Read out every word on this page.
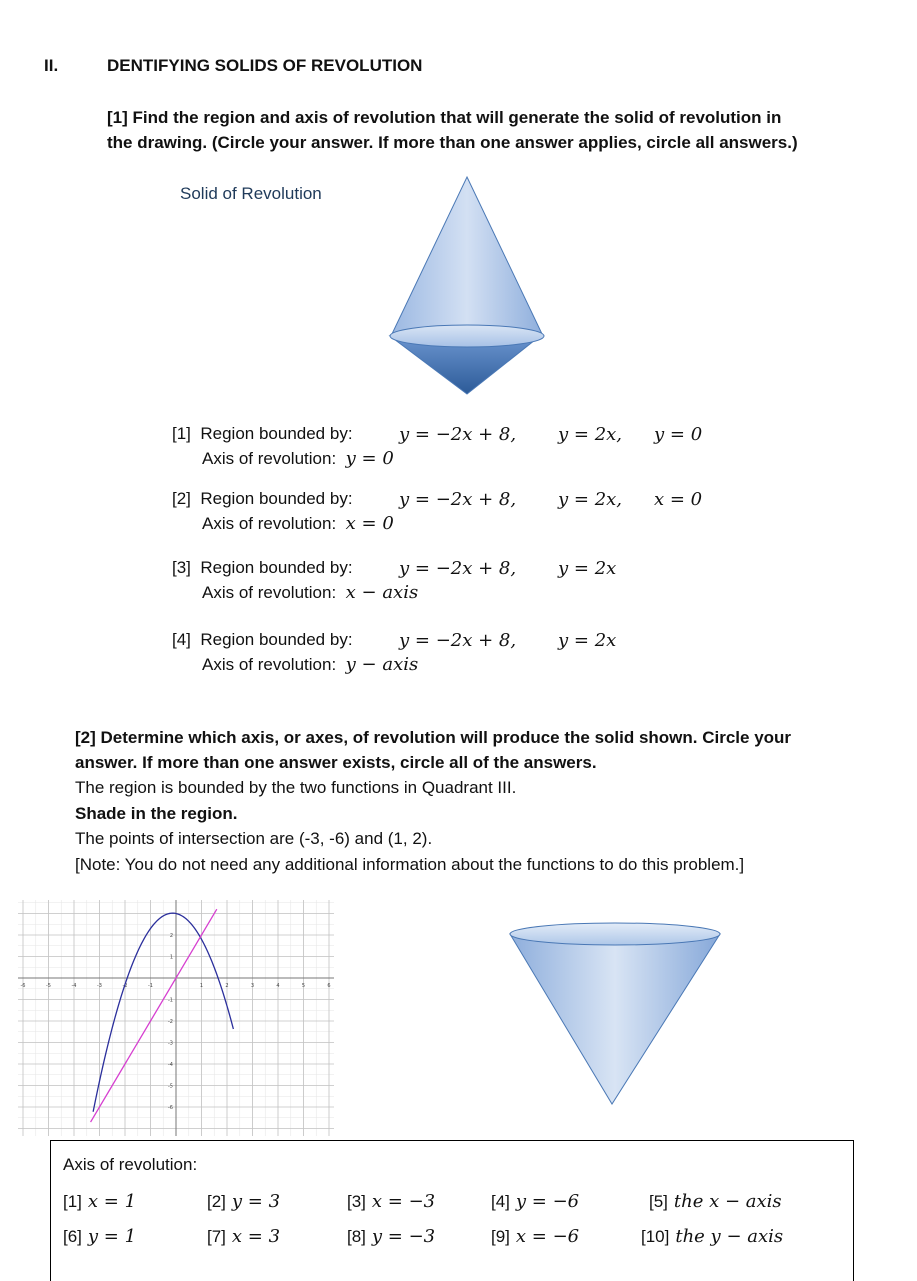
II.	DENTIFYING SOLIDS OF REVOLUTION
[1] Find the region and axis of revolution that will generate the solid of revolution in
the drawing. (Circle your answer. If more than one answer applies, circle all answers.)
Solid of Revolution
[1] Region bounded by:	y = −2x + 8, y = 2x, y = 0
Axis of revolution: y = 0
[2] Region bounded by:	y = −2x + 8, y = 2x, x = 0
Axis of revolution: x = 0
[3] Region bounded by:	y = −2x + 8, y = 2x
Axis of revolution: x − axis
[4] Region bounded by:	y = −2x + 8, y = 2x
Axis of revolution: y − axis
[2] Determine which axis, or axes, of revolution will produce the solid shown. Circle your
answer. If more than one answer exists, circle all of the answers.
The region is bounded by the two functions in Quadrant III.
Shade in the region.
The points of intersection are (-3, -6) and (1, 2).
[Note: You do not need any additional information about the functions to do this problem.]
-6	-5	-4	-3	-2	-1	1	2	3	4	5	6
2
1
-1
-2
-3
-4
-5
-6
Axis of revolution:
[1] x = 1	[2] y = 3	[3] x = −3	[4] y = −6	[5] the x − axis
[6] y = 1	[7] x = 3	[8] y = −3	[9] x = −6	[10] the y − axis
